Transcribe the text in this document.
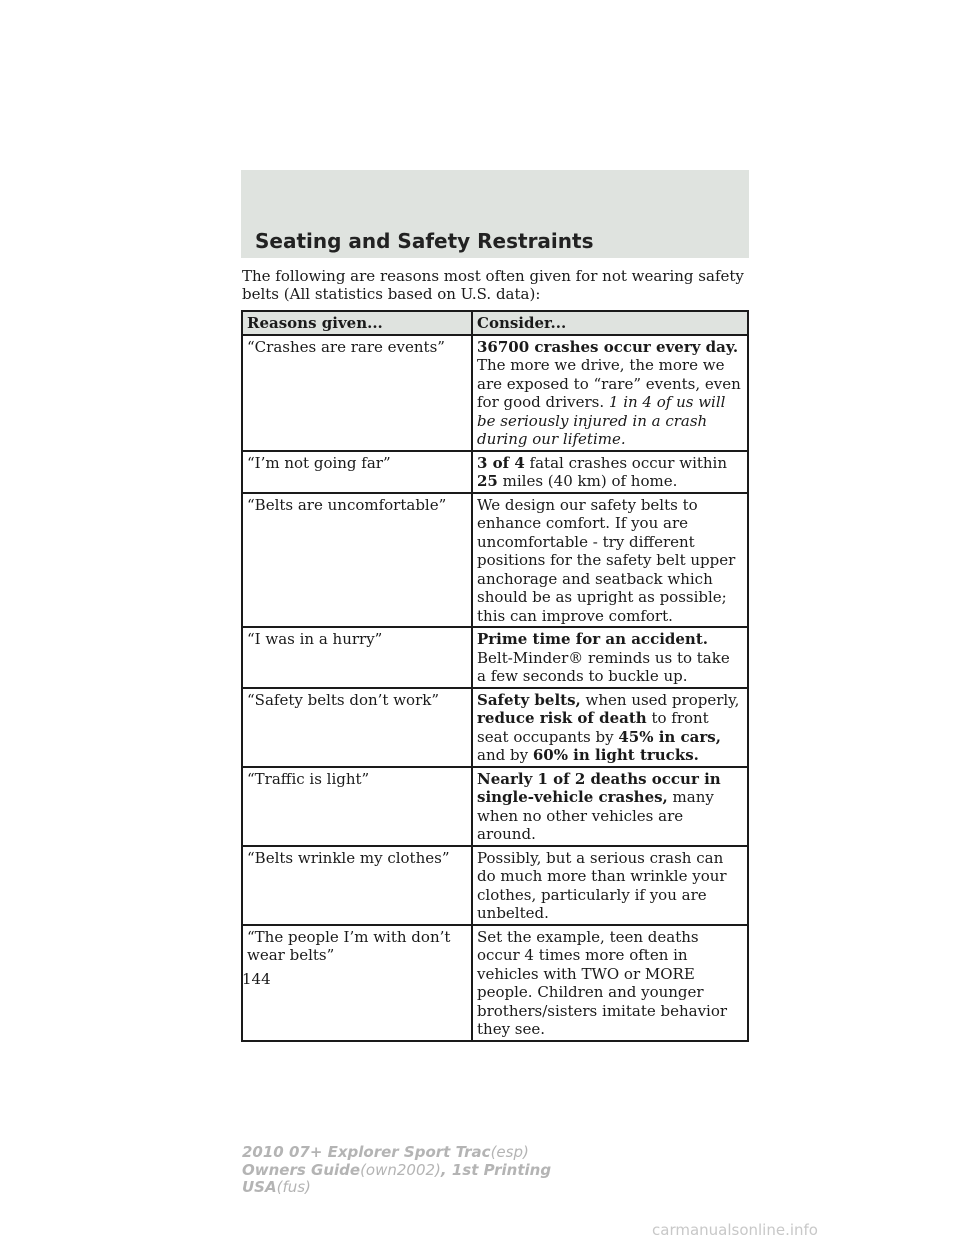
Seating and Safety Restraints

The following are reasons most often given for not wearing safety belts (All statistics based on U.S. data):

Reasons given...	Consider...
“Crashes are rare events”	36700 crashes occur every day. The more we drive, the more we are exposed to “rare” events, even for good drivers. 1 in 4 of us will be seriously injured in a crash during our lifetime.
“I’m not going far”	3 of 4 fatal crashes occur within 25 miles (40 km) of home.
“Belts are uncomfortable”	We design our safety belts to enhance comfort. If you are uncomfortable - try different positions for the safety belt upper anchorage and seatback which should be as upright as possible; this can improve comfort.
“I was in a hurry”	Prime time for an accident. Belt-Minder® reminds us to take a few seconds to buckle up.
“Safety belts don’t work”	Safety belts, when used properly, reduce risk of death to front seat occupants by 45% in cars, and by 60% in light trucks.
“Traffic is light”	Nearly 1 of 2 deaths occur in single-vehicle crashes, many when no other vehicles are around.
“Belts wrinkle my clothes”	Possibly, but a serious crash can do much more than wrinkle your clothes, particularly if you are unbelted.
“The people I’m with don’t wear belts”	Set the example, teen deaths occur 4 times more often in vehicles with TWO or MORE people. Children and younger brothers/sisters imitate behavior they see.
144
2010 07+ Explorer Sport Trac(esp)
Owners Guide(own2002), 1st Printing
USA(fus)
carmanualsonline.info
